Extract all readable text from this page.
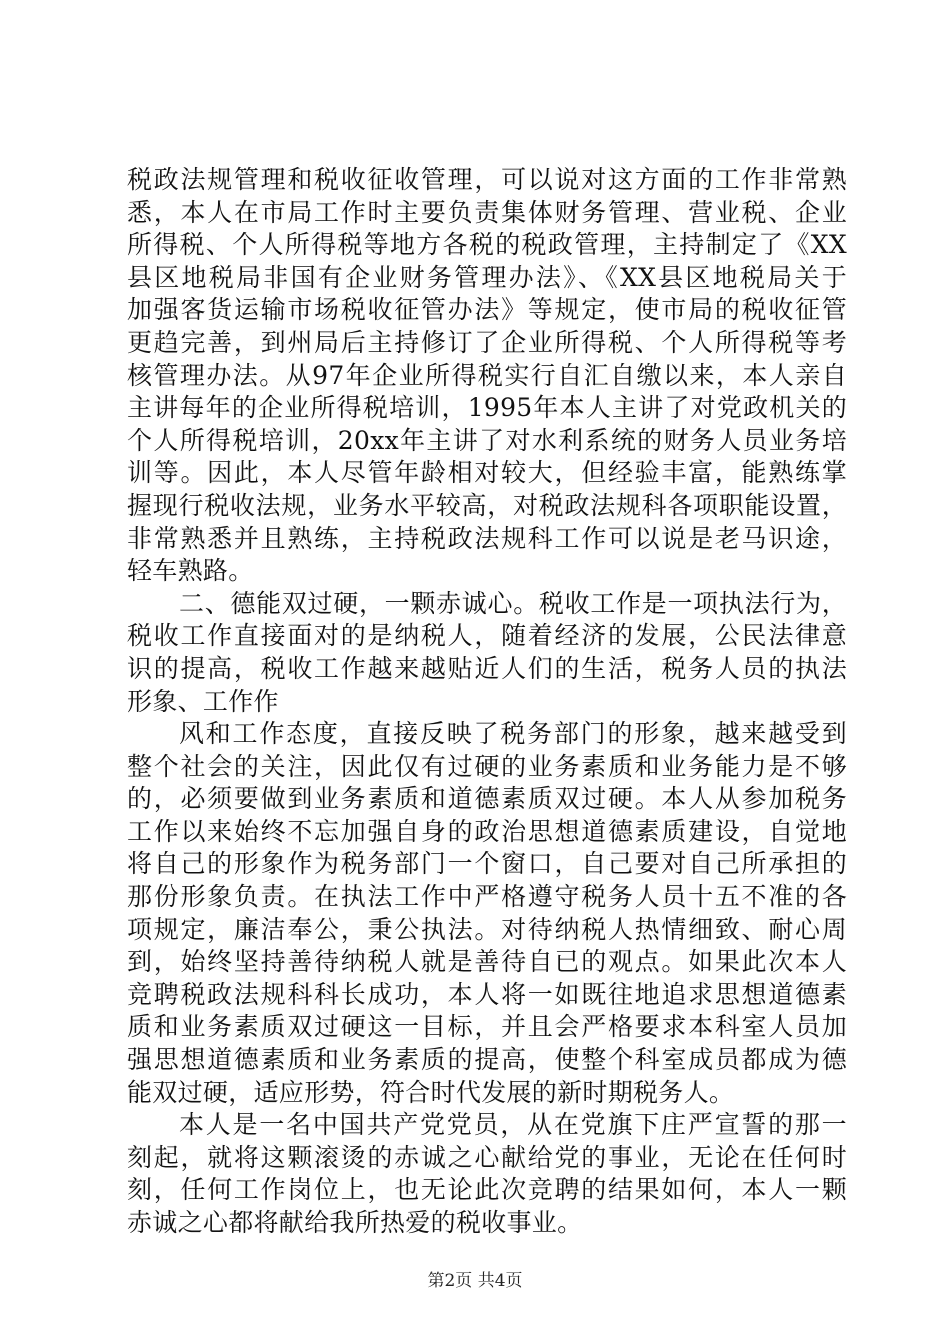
税政法规管理和税收征收管理，可以说对这方面的工作非常熟
悉，本人在市局工作时主要负责集体财务管理、营业税、企业
所得税、个人所得税等地方各税的税政管理，主持制定了《XX
县区地税局非国有企业财务管理办法》、《XX县区地税局关于
加强客货运输市场税收征管办法》等规定，使市局的税收征管
更趋完善，到州局后主持修订了企业所得税、个人所得税等考
核管理办法。从97年企业所得税实行自汇自缴以来，本人亲自
主讲每年的企业所得税培训，1995年本人主讲了对党政机关的
个人所得税培训，20xx年主讲了对水利系统的财务人员业务培
训等。因此，本人尽管年龄相对较大，但经验丰富，能熟练掌
握现行税收法规，业务水平较高，对税政法规科各项职能设置，
非常熟悉并且熟练，主持税政法规科工作可以说是老马识途，
轻车熟路。
二、德能双过硬，一颗赤诚心。税收工作是一项执法行为，
税收工作直接面对的是纳税人，随着经济的发展，公民法律意
识的提高，税收工作越来越贴近人们的生活，税务人员的执法
形象、工作作
风和工作态度，直接反映了税务部门的形象，越来越受到
整个社会的关注，因此仅有过硬的业务素质和业务能力是不够
的，必须要做到业务素质和道德素质双过硬。本人从参加税务
工作以来始终不忘加强自身的政治思想道德素质建设，自觉地
将自己的形象作为税务部门一个窗口，自己要对自己所承担的
那份形象负责。在执法工作中严格遵守税务人员十五不准的各
项规定，廉洁奉公，秉公执法。对待纳税人热情细致、耐心周
到，始终坚持善待纳税人就是善待自已的观点。如果此次本人
竞聘税政法规科科长成功，本人将一如既往地追求思想道德素
质和业务素质双过硬这一目标，并且会严格要求本科室人员加
强思想道德素质和业务素质的提高，使整个科室成员都成为德
能双过硬，适应形势，符合时代发展的新时期税务人。
本人是一名中国共产党党员，从在党旗下庄严宣誓的那一
刻起，就将这颗滚烫的赤诚之心献给党的事业，无论在任何时
刻，任何工作岗位上，也无论此次竞聘的结果如何，本人一颗
赤诚之心都将献给我所热爱的税收事业。
第2页 共4页
